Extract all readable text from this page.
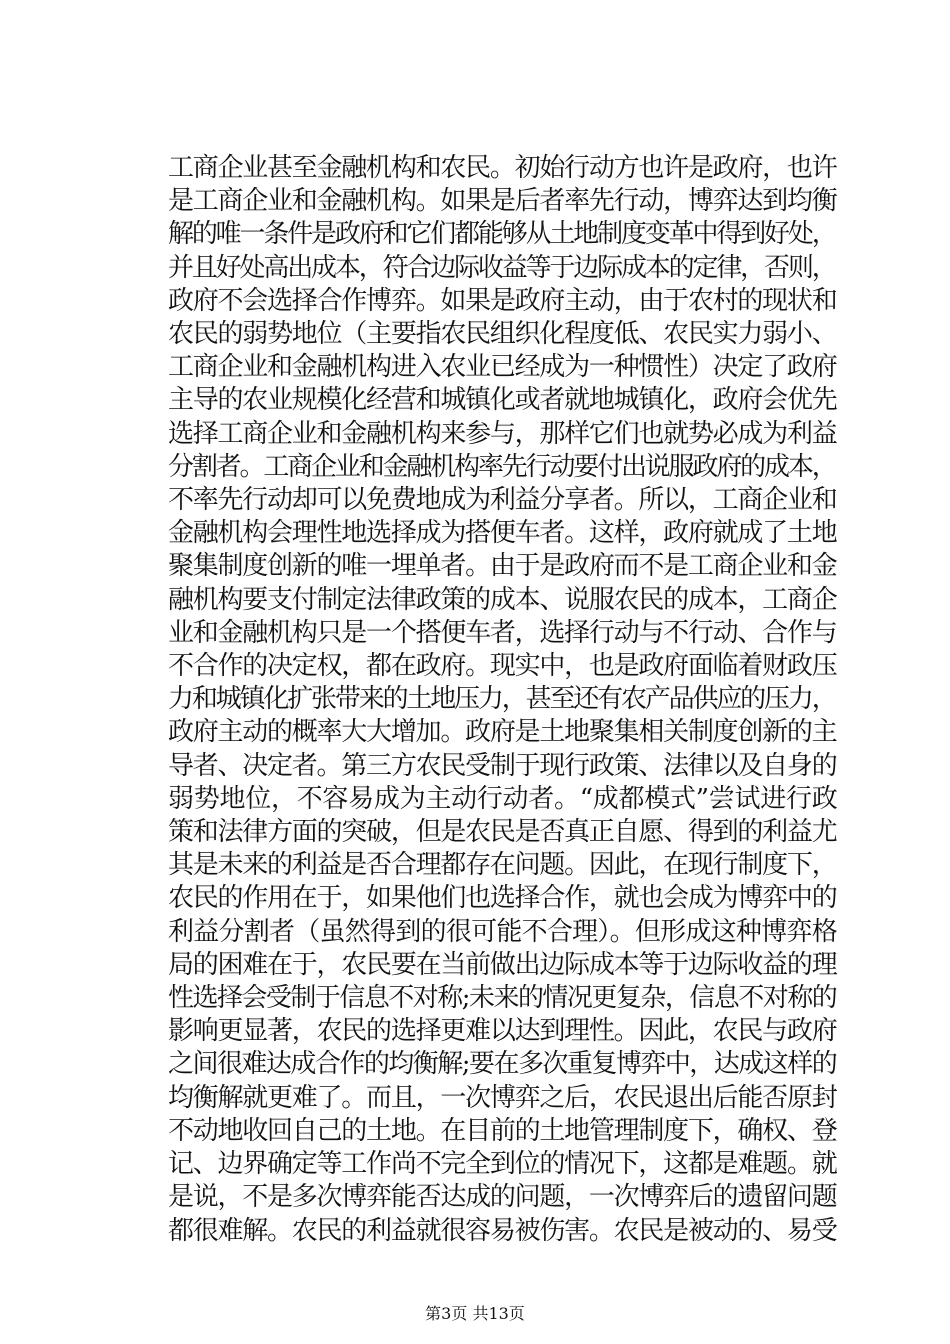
工商企业甚至金融机构和农民。初始行动方也许是政府，也许
是工商企业和金融机构。如果是后者率先行动，博弈达到均衡
解的唯一条件是政府和它们都能够从土地制度变革中得到好处，
并且好处高出成本，符合边际收益等于边际成本的定律，否则，
政府不会选择合作博弈。如果是政府主动，由于农村的现状和
农民的弱势地位（主要指农民组织化程度低、农民实力弱小、
工商企业和金融机构进入农业已经成为一种惯性）决定了政府
主导的农业规模化经营和城镇化或者就地城镇化，政府会优先
选择工商企业和金融机构来参与，那样它们也就势必成为利益
分割者。工商企业和金融机构率先行动要付出说服政府的成本，
不率先行动却可以免费地成为利益分享者。所以，工商企业和
金融机构会理性地选择成为搭便车者。这样，政府就成了土地
聚集制度创新的唯一埋单者。由于是政府而不是工商企业和金
融机构要支付制定法律政策的成本、说服农民的成本，工商企
业和金融机构只是一个搭便车者，选择行动与不行动、合作与
不合作的决定权，都在政府。现实中，也是政府面临着财政压
力和城镇化扩张带来的土地压力，甚至还有农产品供应的压力，
政府主动的概率大大增加。政府是土地聚集相关制度创新的主
导者、决定者。第三方农民受制于现行政策、法律以及自身的
弱势地位，不容易成为主动行动者。“成都模式”尝试进行政
策和法律方面的突破，但是农民是否真正自愿、得到的利益尤
其是未来的利益是否合理都存在问题。因此，在现行制度下，
农民的作用在于，如果他们也选择合作，就也会成为博弈中的
利益分割者（虽然得到的很可能不合理）。但形成这种博弈格
局的困难在于，农民要在当前做出边际成本等于边际收益的理
性选择会受制于信息不对称;未来的情况更复杂，信息不对称的
影响更显著，农民的选择更难以达到理性。因此，农民与政府
之间很难达成合作的均衡解;要在多次重复博弈中，达成这样的
均衡解就更难了。而且，一次博弈之后，农民退出后能否原封
不动地收回自己的土地。在目前的土地管理制度下，确权、登
记、边界确定等工作尚不完全到位的情况下，这都是难题。就
是说，不是多次博弈能否达成的问题，一次博弈后的遗留问题
都很难解。农民的利益就很容易被伤害。农民是被动的、易受
第3页 共13页
